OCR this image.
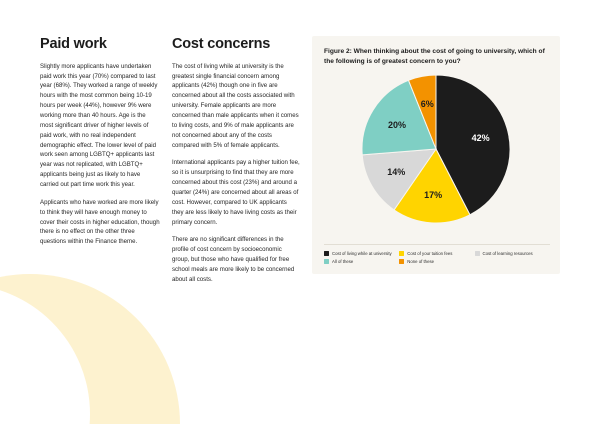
Paid work

Slightly more applicants have undertaken paid work this year (70%) compared to last year (68%). They worked a range of weekly hours with the most common being 10-19 hours per week (44%), however 9% were working more than 40 hours. Age is the most significant driver of higher levels of paid work, with no real independent demographic effect. The lower level of paid work seen among LGBTQ+ applicants last year was not replicated, with LGBTQ+ applicants being just as likely to have carried out part time work this year.

Applicants who have worked are more likely to think they will have enough money to cover their costs in higher education, though there is no effect on the other three questions within the Finance theme.

Cost concerns

The cost of living while at university is the greatest single financial concern among applicants (42%) though one in five are concerned about all the costs associated with university. Female applicants are more concerned than male applicants when it comes to living costs, and 9% of male applicants are not concerned about any of the costs compared with 5% of female applicants.

International applicants pay a higher tuition fee, so it is unsurprising to find that they are more concerned about this cost (23%) and around a quarter (24%) are concerned about all areas of cost. However, compared to UK applicants they are less likely to have living costs as their primary concern.

There are no significant differences in the profile of cost concern by socioeconomic group, but those who have qualified for free school meals are more likely to be concerned about all costs.

Figure 2: When thinking about the cost of going to university, which of the following is of greatest concern to you?
42%
17%
14%
20%
6%
Cost of living while at university	Cost of your tuition fees	Cost of learning resources
All of these	None of these
